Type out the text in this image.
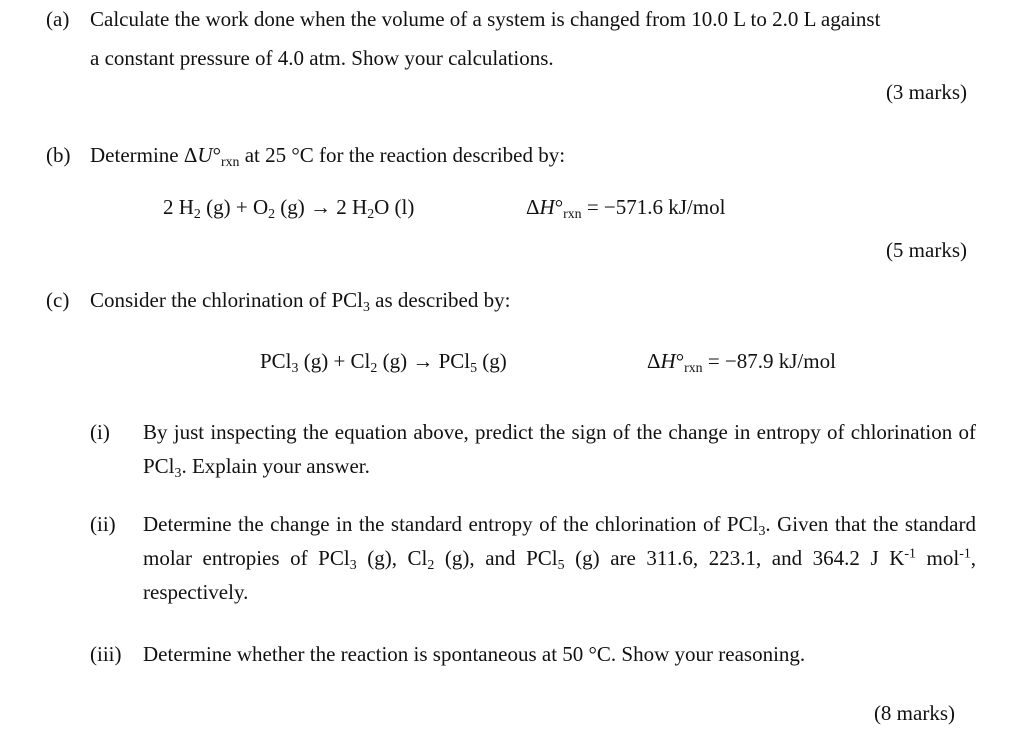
(a) Calculate the work done when the volume of a system is changed from 10.0 L to 2.0 L against
a constant pressure of 4.0 atm. Show your calculations.
(3 marks)
(b) Determine $\Delta U^\circ_{rxn}$ at 25 °C for the reaction described by:
2 $H_2$ $(g) + O_2$ (g) → 2 $H_2O$ (l)	$\Delta H^\circ_{rxn} = -571.6$ kJ/mol
(5 marks)
(c) Consider the chlorination of PCl$_3$ as described by:
PCl$_3$ $(g) + Cl_2$ (g) → PCl$_5$ (g)	$\Delta H^\circ_{rxn} = -87.9$ kJ/mol
(i) By just inspecting the equation above, predict the sign of the change in entropy of chlorination of PCl$_3$. Explain your answer.
(ii) Determine the change in the standard entropy of the chlorination of PCl$_3$. Given that the standard molar entropies of PCl$_3$ (g), $Cl_2$ (g), and PCl$_5$ (g) are 311.6, 223.1, and 364.2 J $K^{-1}$ mol$^{-1}$, respectively.
(iii) Determine whether the reaction is spontaneous at 50 °C. Show your reasoning.
(8 marks)
